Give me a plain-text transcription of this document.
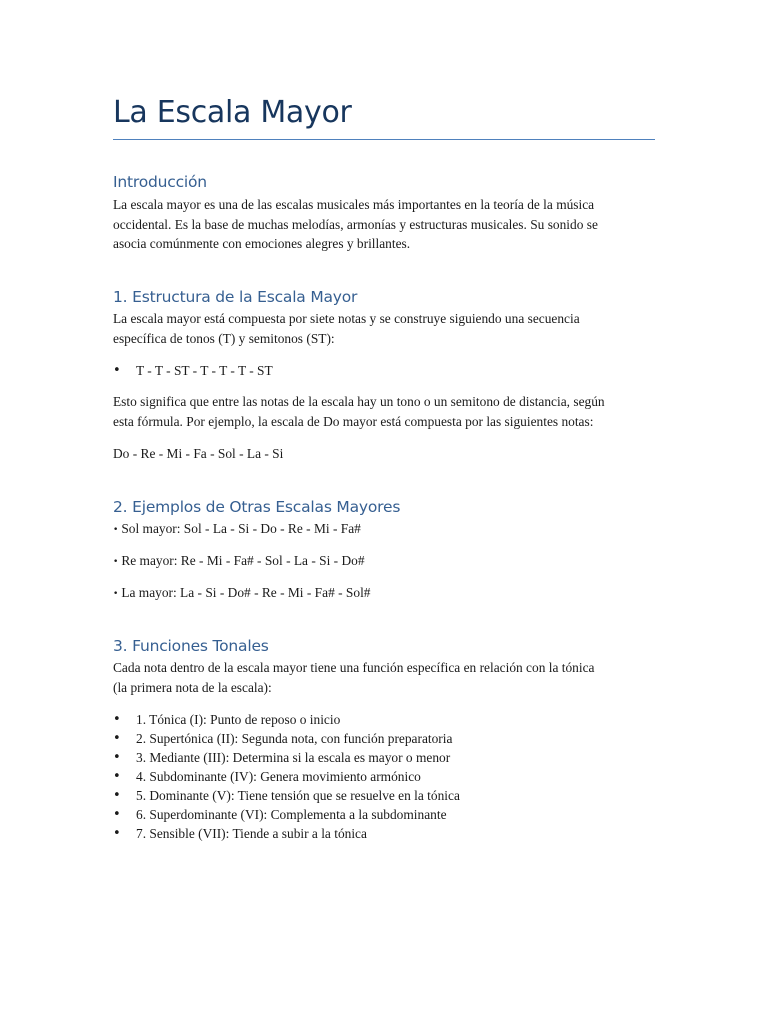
La Escala Mayor
Introducción
La escala mayor es una de las escalas musicales más importantes en la teoría de la música
occidental. Es la base de muchas melodías, armonías y estructuras musicales. Su sonido se
asocia comúnmente con emociones alegres y brillantes.
1. Estructura de la Escala Mayor
La escala mayor está compuesta por siete notas y se construye siguiendo una secuencia
específica de tonos (T) y semitonos (ST):
• T - T - ST - T - T - T - ST
Esto significa que entre las notas de la escala hay un tono o un semitono de distancia, según
esta fórmula. Por ejemplo, la escala de Do mayor está compuesta por las siguientes notas:
Do - Re - Mi - Fa - Sol - La - Si
2. Ejemplos de Otras Escalas Mayores
• Sol mayor: Sol - La - Si - Do - Re - Mi - Fa#
• Re mayor: Re - Mi - Fa# - Sol - La - Si - Do#
• La mayor: La - Si - Do# - Re - Mi - Fa# - Sol#
3. Funciones Tonales
Cada nota dentro de la escala mayor tiene una función específica en relación con la tónica
(la primera nota de la escala):
• 1. Tónica (I): Punto de reposo o inicio
• 2. Supertónica (II): Segunda nota, con función preparatoria
• 3. Mediante (III): Determina si la escala es mayor o menor
• 4. Subdominante (IV): Genera movimiento armónico
• 5. Dominante (V): Tiene tensión que se resuelve en la tónica
• 6. Superdominante (VI): Complementa a la subdominante
• 7. Sensible (VII): Tiende a subir a la tónica
